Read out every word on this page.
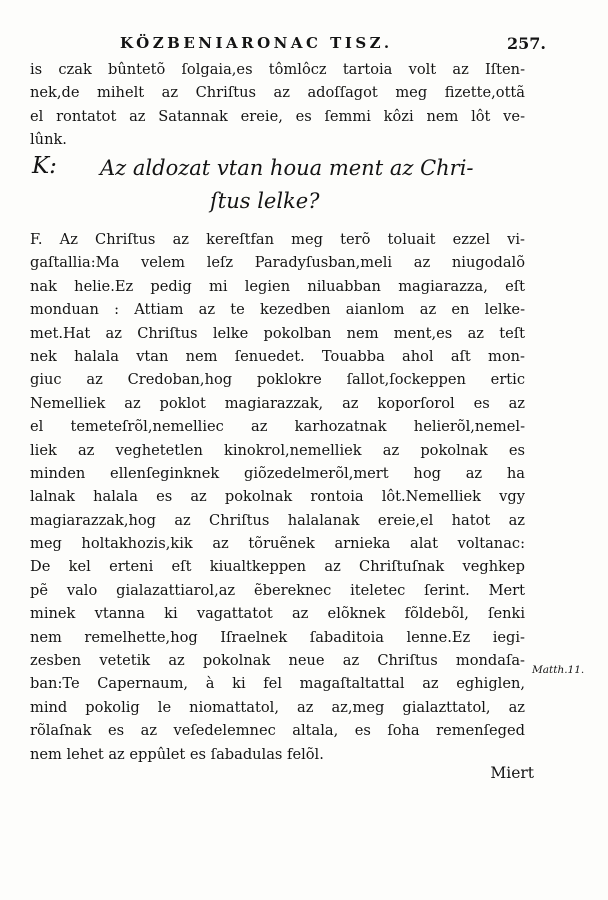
KÖZBENIARONAC TISZ.	257.
is czak bûntetõ ſolgaia,es tômlôcz tartoia volt az Iſten-
nek,de mihelt az Chriſtus az adoſſagot meg fizette,ottã
el rontatot az Satannak ereie, es ſemmi kôzi nem lôt ve-
lûnk.
K: Az aldozat vtan houa ment az Chri-
ſtus lelke?
F. Az Chriſtus az kereſtfan meg terõ toluait ezzel vi-
gaſtallia:Ma velem leſz Paradyſusban,meli az niugodalõ
nak helie.Ez pedig mi legien niluabban magiarazza, eſt
monduan : Attiam az te kezedben aianlom az en lelke-
met.Hat az Chriſtus lelke pokolban nem ment,es az teſt
nek halala vtan nem ſenuedet. Touabba ahol aſt mon-
giuc az Credoban,hog poklokre ſallot,ſockeppen ertic
Nemelliek az poklot magiarazzak, az koporſorol es az
el temeteſrõl,nemelliec az karhozatnak helierõl,nemel-
liek az veghetetlen kinokrol,nemelliek az pokolnak es
minden ellenſeginknek giõzedelmerõl,mert hog az ha
lalnak halala es az pokolnak rontoia lôt.Nemelliek vgy
magiarazzak,hog az Chriſtus halalanak ereie,el hatot az
meg holtakhozis,kik az tõruẽnek arnieka alat voltanac:
De kel erteni eſt kiualtkeppen az Chriſtuſnak veghkep
pẽ valo gialazattiarol,az ẽbereknec iteletec ſerint. Mert
minek vtanna ki vagattatot az elõknek fõldebõl, ſenki
nem remelhette,hog Iſraelnek ſabaditoia lenne.Ez iegi-
zesben vetetik az pokolnak neue az Chriſtus mondaſa-
ban:Te Capernaum, à ki fel magaſtaltattal az eghiglen,
mind pokolig le niomattatol, az az,meg gialazttatol, az
rõlaſnak es az veſedelemnec altala, es ſoha remenſeged
nem lehet az eppûlet es ſabadulas felõl.
Matth.11.
Miert
